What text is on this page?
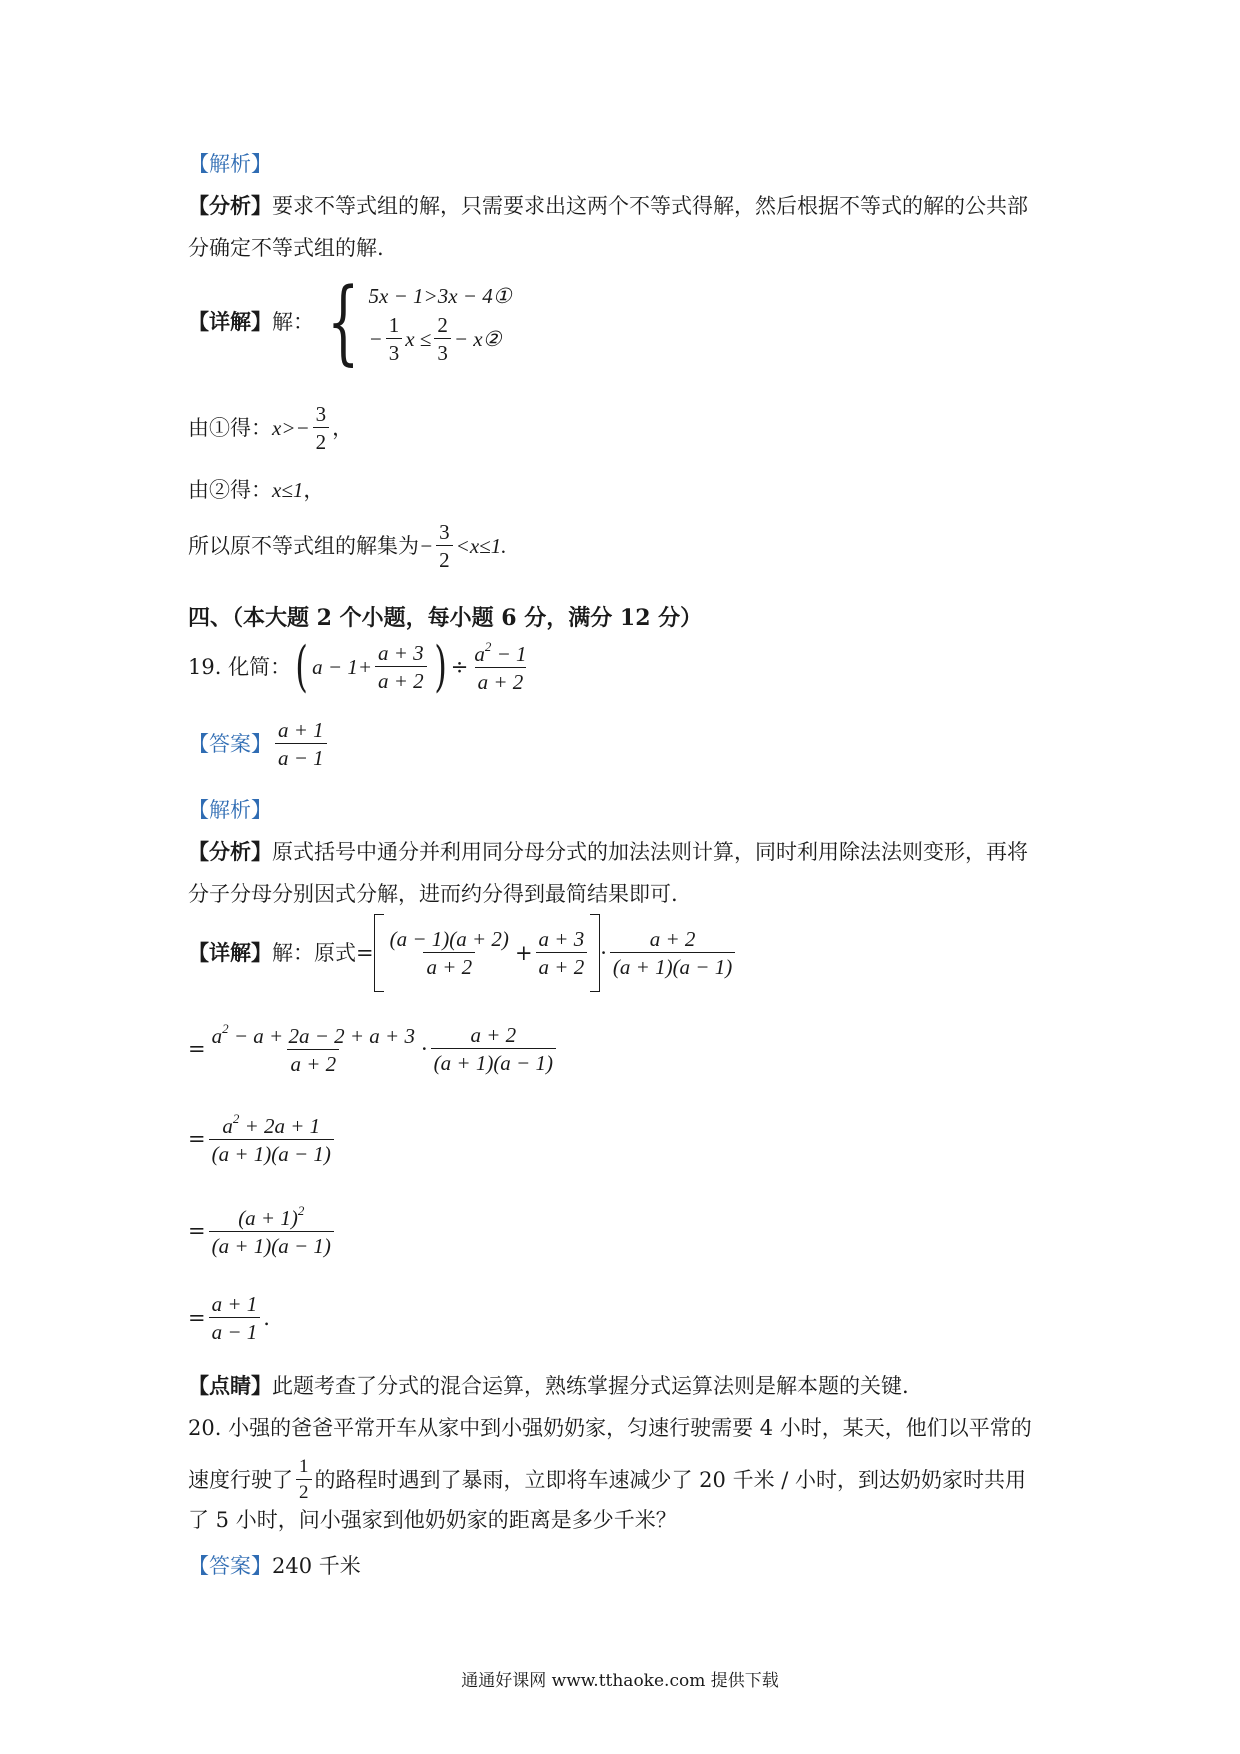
【解析】
【分析】要求不等式组的解，只需要求出这两个不等式得解，然后根据不等式的解的公共部
分确定不等式组的解.
【详解】 解： { 5x − 1>3x − 4①
− $\frac{1}{3}$ $x \le \frac{2}{3}$ − x②
由①得： $x>- \frac{3}{2}$ ，
由②得：x≤1，
所以原不等式组的解集为 − $\frac{3}{2} <x\le 1$.
四、（本大题 2 个小题，每小题 6 分，满分 12 分）
19. 化简： ( $a - 1+ \frac{a + 3}{a + 2}$ ) ÷ $\frac{a^2 - 1}{a + 2}$
【答案】 $\frac{a + 1}{a - 1}$
【解析】
【分析】原式括号中通分并利用同分母分式的加法法则计算，同时利用除法法则变形，再将
分子分母分别因式分解，进而约分得到最简结果即可.
【详解】 解：原式= $\frac{(a - 1)(a + 2)}{a + 2} + \frac{a + 3}{a + 2} \cdot \frac{a + 2}{(a + 1)(a - 1)}$
= $\frac{a^2 - a + 2a - 2 + a + 3}{a + 2} \cdot \frac{a + 2}{(a + 1)(a - 1)}$
= $\frac{a^2 + 2a + 1}{(a + 1)(a - 1)}$
= $\frac{(a + 1)^2}{(a + 1)(a - 1)}$
= $\frac{a + 1}{a - 1}$ .
【点睛】此题考查了分式的混合运算，熟练掌握分式运算法则是解本题的关键.
20. 小强的爸爸平常开车从家中到小强奶奶家，匀速行驶需要 4 小时，某天，他们以平常的
速度行驶了 $\frac{1}{2}$ 的路程时遇到了暴雨，立即将车速减少了 20 千米 / 小时，到达奶奶家时共用
了 5 小时，问小强家到他奶奶家的距离是多少千米？
【答案】240 千米
通通好课网 www.tthaoke.com 提供下载
